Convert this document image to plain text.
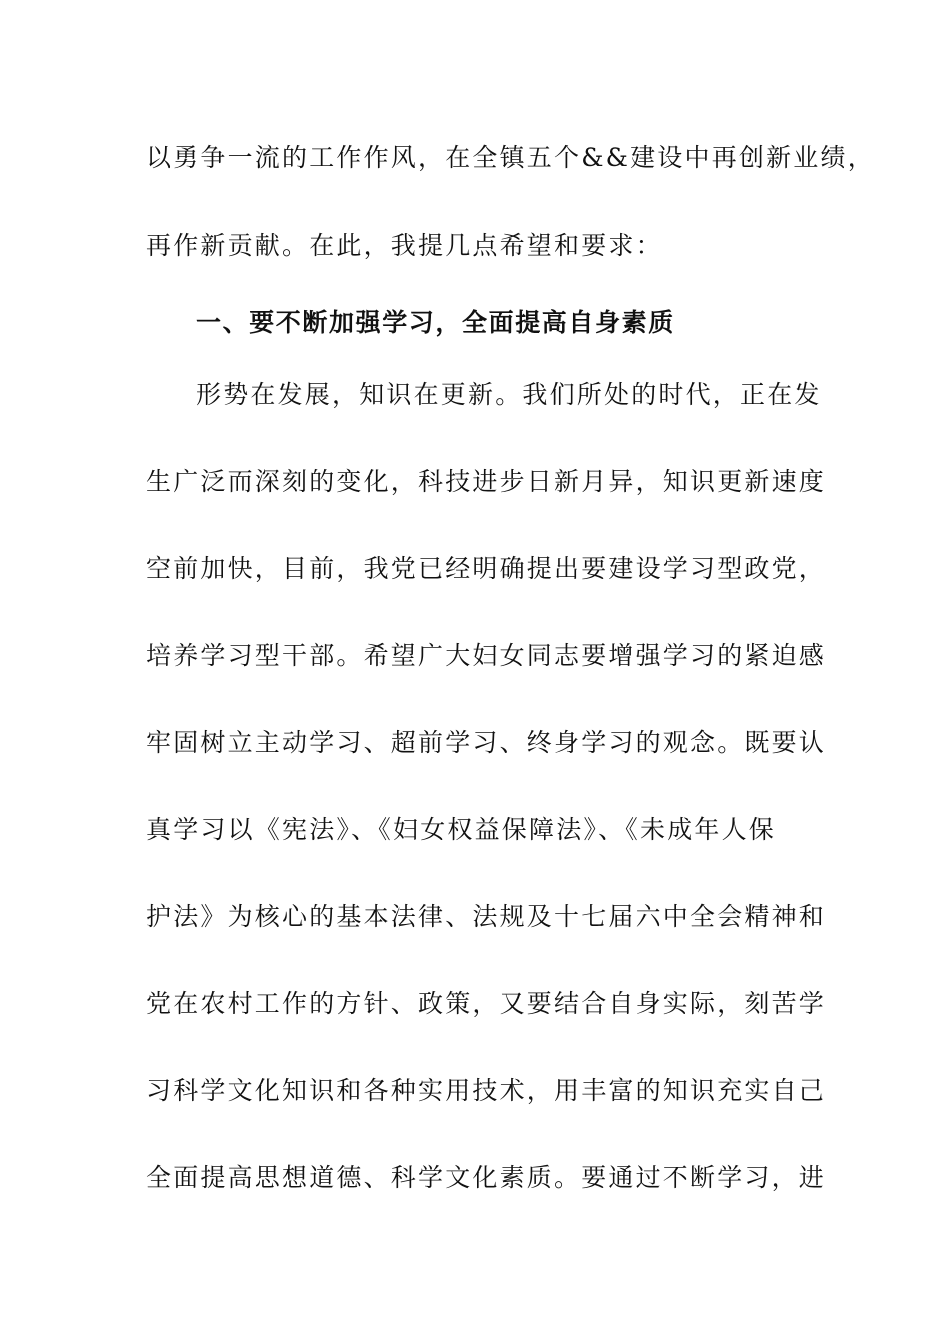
以勇争一流的工作作风，在全镇五个&&建设中再创新业绩，
再作新贡献。在此，我提几点希望和要求：
一、要不断加强学习，全面提高自身素质
形势在发展，知识在更新。我们所处的时代，正在发
生广泛而深刻的变化，科技进步日新月异，知识更新速度
空前加快，目前，我党已经明确提出要建设学习型政党，
培养学习型干部。希望广大妇女同志要增强学习的紧迫感
牢固树立主动学习、超前学习、终身学习的观念。既要认
真学习以《宪法》、《妇女权益保障法》、《未成年人保
护法》为核心的基本法律、法规及十七届六中全会精神和
党在农村工作的方针、政策，又要结合自身实际，刻苦学
习科学文化知识和各种实用技术，用丰富的知识充实自己
全面提高思想道德、科学文化素质。要通过不断学习，进
